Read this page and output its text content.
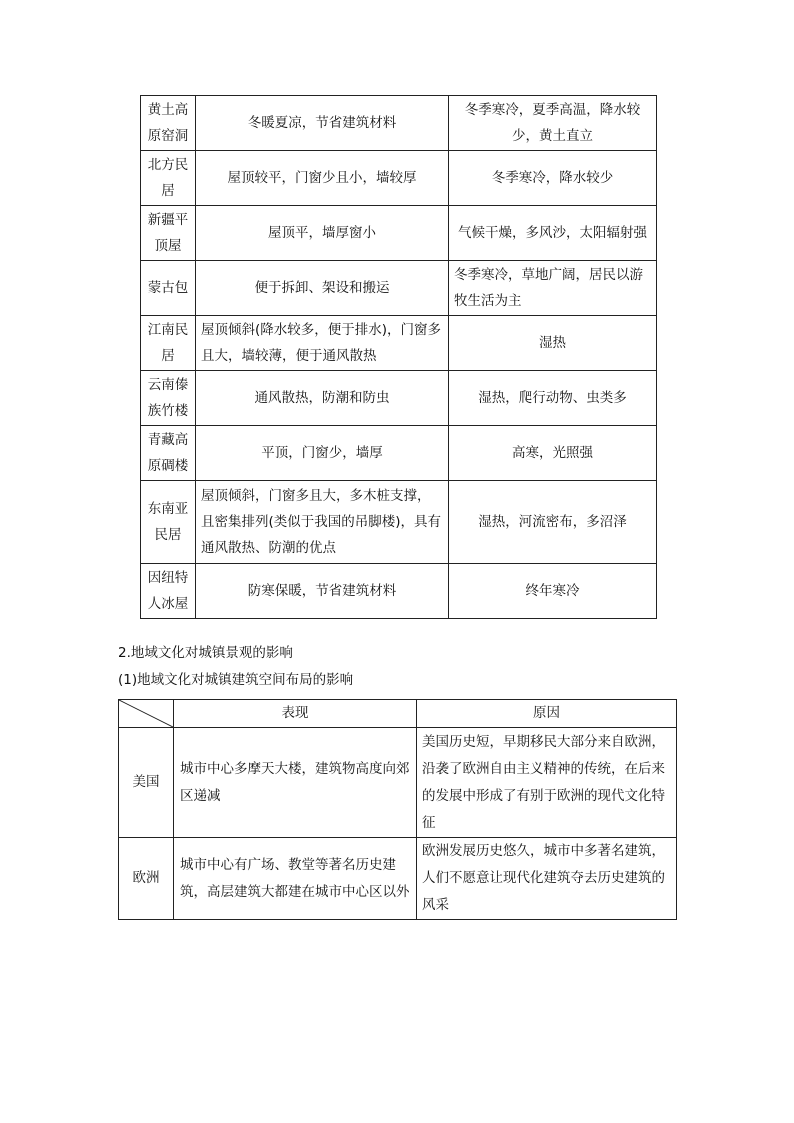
黄土高原窑洞	冬暖夏凉，节省建筑材料	冬季寒冷，夏季高温，降水较少，黄土直立
北方民居	屋顶较平，门窗少且小，墙较厚	冬季寒冷，降水较少
新疆平顶屋	屋顶平，墙厚窗小	气候干燥，多风沙，太阳辐射强
蒙古包	便于拆卸、架设和搬运	冬季寒冷，草地广阔，居民以游牧生活为主
江南民居	屋顶倾斜(降水较多，便于排水)，门窗多且大，墙较薄，便于通风散热	湿热
云南傣族竹楼	通风散热，防潮和防虫	湿热，爬行动物、虫类多
青藏高原碉楼	平顶，门窗少，墙厚	高寒，光照强
东南亚民居	屋顶倾斜，门窗多且大，多木桩支撑，且密集排列(类似于我国的吊脚楼)，具有通风散热、防潮的优点	湿热，河流密布，多沼泽
因纽特人冰屋	防寒保暖，节省建筑材料	终年寒冷
2.地域文化对城镇景观的影响
(1)地域文化对城镇建筑空间布局的影响
	表现	原因
美国	城市中心多摩天大楼，建筑物高度向郊区递减	美国历史短，早期移民大部分来自欧洲，沿袭了欧洲自由主义精神的传统，在后来的发展中形成了有别于欧洲的现代文化特征
欧洲	城市中心有广场、教堂等著名历史建筑，高层建筑大都建在城市中心区以外	欧洲发展历史悠久，城市中多著名建筑，人们不愿意让现代化建筑夺去历史建筑的风采
